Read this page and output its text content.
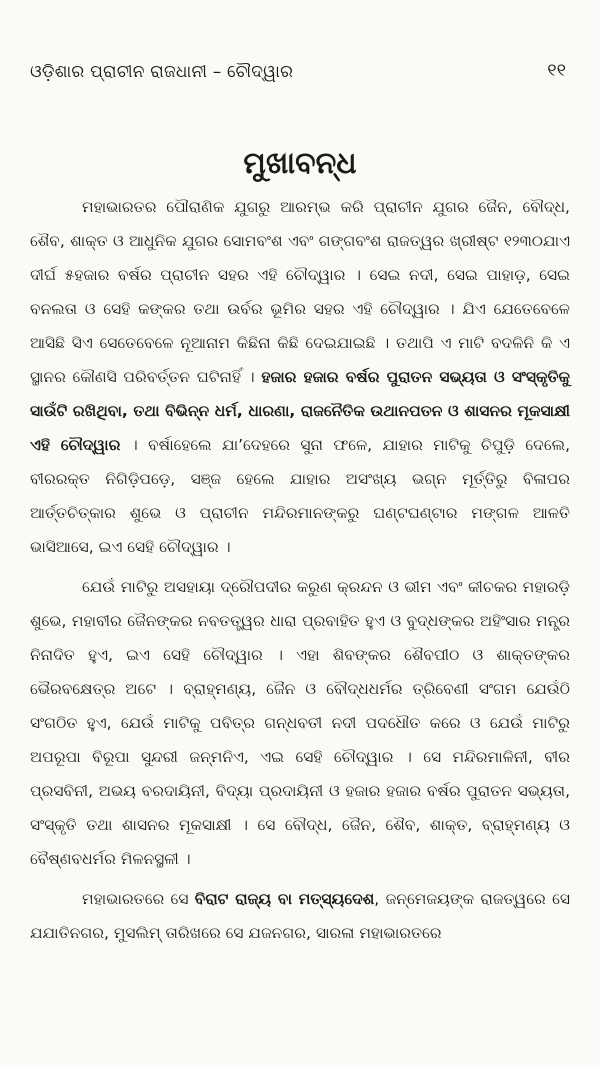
ଓଡ଼ିଶାର ପ୍ରାଚୀନ ରାଜଧାନୀ – ଚୌଦ୍ୱାର	୧୧
ମୁଖାବନ୍ଧ

ମହାଭାରତର ପୌରାଣିକ ଯୁଗରୁ ଆରମ୍ଭ କରି ପ୍ରାଚୀନ ଯୁଗର ଜୈନ, ବୌଦ୍ଧ, ଶୈବ, ଶାକ୍ତ ଓ ଆଧୁନିକ ଯୁଗର ସୋମବଂଶ ଏବଂ ଗଙ୍ଗବଂଶ ରାଜତ୍ୱର ଖ୍ରୀଷ୍ଟ ୧୨୩୦ଯାଏ ଦୀର୍ଘ ୫ହଜାର ବର୍ଷର ପ୍ରାଚୀନ ସହର ଏହି ଚୌଦ୍ୱାର । ସେଇ ନଦୀ, ସେଇ ପାହାଡ଼, ସେଇ ବନଲତା ଓ ସେହି କଙ୍କର ତଥା ଉର୍ବର ଭୂମିର ସହର ଏହି ଚୌଦ୍ୱାର । ଯିଏ ଯେତେବେଳେ ଆସିଛି ସିଏ ସେତେବେଳେ ନୂଆନାମ କିଛିନା କିଛି ଦେଇଯାଇଛି । ତଥାପି ଏ ମାଟି ବଦଳିନି କି ଏ ସ୍ଥାନର କୌଣସି ପରିବର୍ତ୍ତନ ଘଟିନାହିଁ । ହଜାର ହଜାର ବର୍ଷର ପୁରାତନ ସଭ୍ୟତା ଓ ସଂସ୍କୃତିକୁ ସାଉଁଟି ରଖିଥିବା, ତଥା ବିଭିନ୍ନ ଧର୍ମ, ଧାରଣା, ରାଜନୈତିକ ଉଥାନପତନ ଓ ଶାସନର ମୂକସାକ୍ଷୀ ଏହି ଚୌଦ୍ୱାର । ବର୍ଷାହେଲେ ଯା’ଦେହରେ ସୁନା ଫଳେ, ଯାହାର ମାଟିକୁ ଚିପୁଡ଼ି ଦେଲେ, ବୀରରକ୍ତ ନିଗିଡ଼ିପଡ଼େ, ସଞ୍ଜ ହେଲେ ଯାହାର ଅସଂଖ୍ୟ ଭଗ୍ନ ମୂର୍ତ୍ତିରୁ ବିଳାପର ଆର୍ତ୍ତଚିତ୍କାର ଶୁଭେ ଓ ପ୍ରାଚୀନ ମନ୍ଦିରମାନଙ୍କରୁ ଘଣ୍ଟଘଣ୍ଟାର ମଙ୍ଗଳ ଆଳତି ଭାସିଆସେ, ଇଏ ସେହି ଚୌଦ୍ୱାର ।

ଯେଉଁ ମାଟିରୁ ଅସହାୟା ଦ୍ରୌପଦୀର କରୁଣ କ୍ରନ୍ଦନ ଓ ଭୀମ ଏବଂ କୀଚକର ମହାରଡ଼ି ଶୁଭେ, ମହାବୀର ଜୈନଙ୍କର ନବତତ୍ତ୍ୱର ଧାରା ପ୍ରବାହିତ ହୁଏ ଓ ବୁଦ୍ଧଙ୍କର ଅହିଂସାର ମନ୍ତ୍ର ନିନାଦିତ ହୁଏ, ଇଏ ସେହି ଚୌଦ୍ୱାର । ଏହା ଶିବଙ୍କର ଶୈବପୀଠ ଓ ଶାକ୍ତଙ୍କର ଭୈରବକ୍ଷେତ୍ର ଅଟେ । ବ୍ରାହ୍ମଣ୍ୟ, ଜୈନ ଓ ବୌଦ୍ଧଧର୍ମର ତ୍ରିବେଣୀ ସଂଗମ ଯେଉଁଠି ସଂଗଠିତ ହୁଏ, ଯେଉଁ ମାଟିକୁ ପବିତ୍ର ଗନ୍ଧବତୀ ନଦୀ ପଦଧୌତ କରେ ଓ ଯେଉଁ ମାଟିରୁ ଅପରୂପା ବିରୂପା ସୁନ୍ଦରୀ ଜନ୍ମନିଏ, ଏଇ ସେହି ଚୌଦ୍ୱାର । ସେ ମନ୍ଦିରମାଳିନୀ, ବୀର ପ୍ରସବିନୀ, ଅଭୟ ବରଦାୟିନୀ, ବିଦ୍ୟା ପ୍ରଦାୟିନୀ ଓ ହଜାର ହଜାର ବର୍ଷର ପୁରାତନ ସଭ୍ୟତା, ସଂସ୍କୃତି ତଥା ଶାସନର ମୂକସାକ୍ଷୀ । ସେ ବୌଦ୍ଧ, ଜୈନ, ଶୈବ, ଶାକ୍ତ, ବ୍ରାହ୍ମଣ୍ୟ ଓ ବୈଷ୍ଣବଧର୍ମର ମିଳନସ୍ଥଳୀ ।

ମହାଭାରତରେ ସେ ବିରାଟ ରାଜ୍ୟ ବା ମତ୍ସ୍ୟଦେଶ, ଜନ୍ମେଜୟଙ୍କ ରାଜତ୍ୱରେ ସେ ଯଯାତିନଗର, ମୁସଲିମ୍ ତାରିଖରେ ସେ ଯଜନଗର, ସାରଳା ମହାଭାରତରେ
